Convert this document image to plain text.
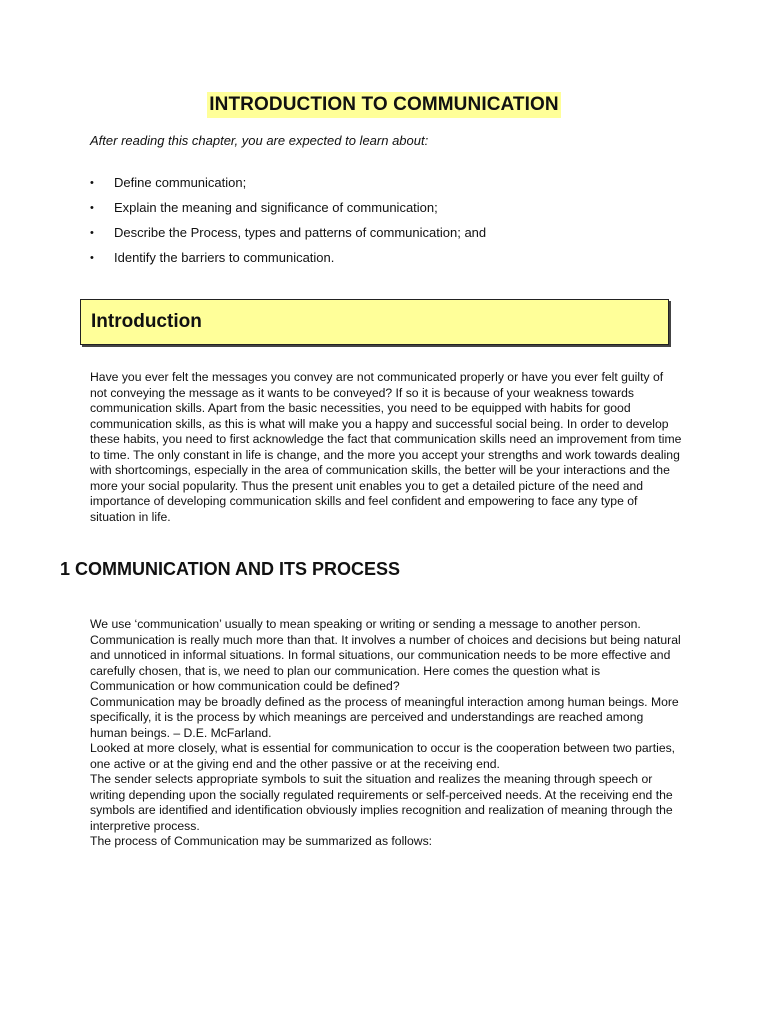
INTRODUCTION TO COMMUNICATION
After reading this chapter, you are expected to learn about:
• Define communication;
• Explain the meaning and significance of communication;
• Describe the Process, types and patterns of communication; and
• Identify the barriers to communication.
Introduction

Have you ever felt the messages you convey are not communicated properly or have you ever felt guilty of not conveying the message as it wants to be conveyed? If so it is because of your weakness towards communication skills. Apart from the basic necessities, you need to be equipped with habits for good communication skills, as this is what will make you a happy and successful social being. In order to develop these habits, you need to first acknowledge the fact that communication skills need an improvement from time to time. The only constant in life is change, and the more you accept your strengths and work towards dealing with shortcomings, especially in the area of communication skills, the better will be your interactions and the more your social popularity. Thus the present unit enables you to get a detailed picture of the need and importance of developing communication skills and feel confident and empowering to face any type of situation in life.

1 COMMUNICATION AND ITS PROCESS
We use ‘communication’ usually to mean speaking or writing or sending a message to another person. Communication is really much more than that. It involves a number of choices and decisions but being natural and unnoticed in informal situations. In formal situations, our communication needs to be more effective and carefully chosen, that is, we need to plan our communication. Here comes the question what is Communication or how communication could be defined?
Communication may be broadly defined as the process of meaningful interaction among human beings. More specifically, it is the process by which meanings are perceived and understandings are reached among human beings. – D.E. McFarland.
Looked at more closely, what is essential for communication to occur is the cooperation between two parties, one active or at the giving end and the other passive or at the receiving end.
The sender selects appropriate symbols to suit the situation and realizes the meaning through speech or writing depending upon the socially regulated requirements or self-perceived needs. At the receiving end the symbols are identified and identification obviously implies recognition and realization of meaning through the interpretive process.
The process of Communication may be summarized as follows:
